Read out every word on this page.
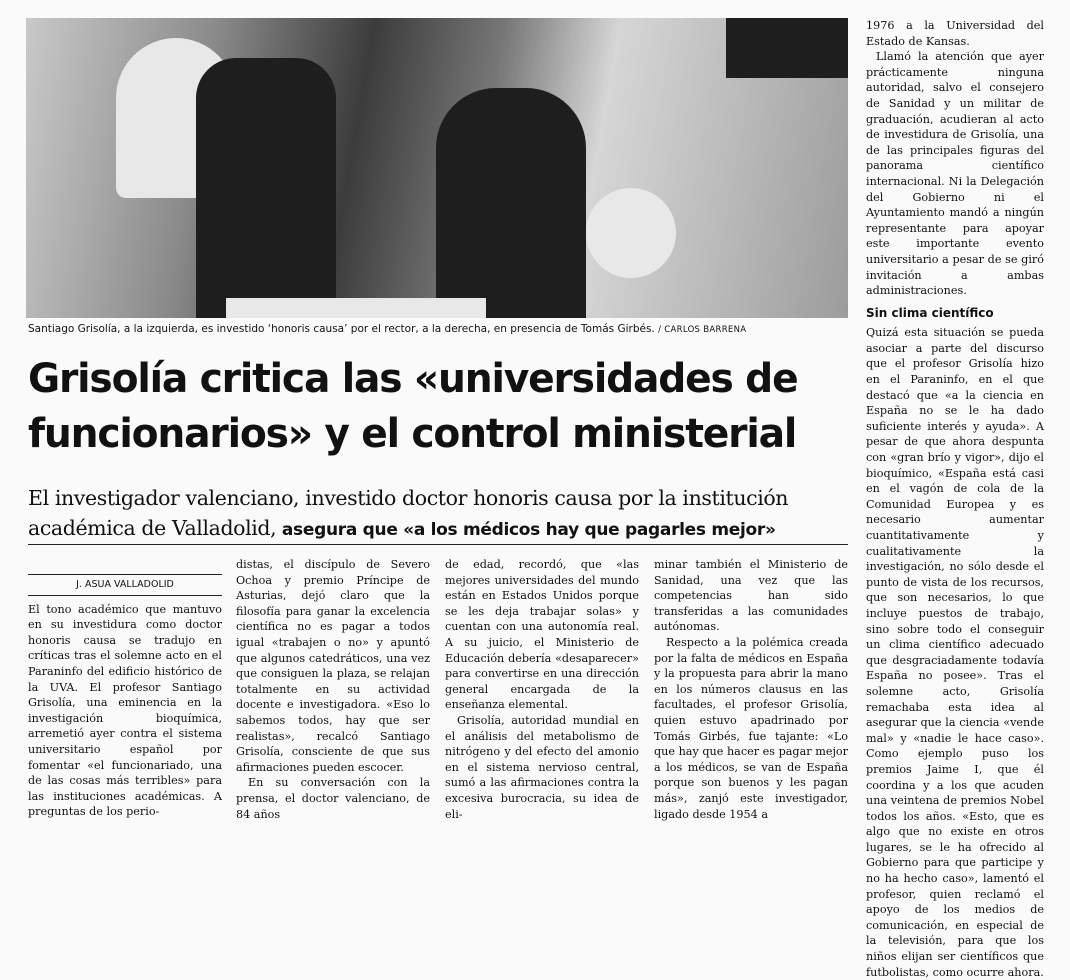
Santiago Grisolía, a la izquierda, es investido ‘honoris causa’ por el rector, a la derecha, en presencia de Tomás Girbés. / CARLOS BARRENA
Grisolía critica las «universidades de
funcionarios» y el control ministerial
El investigador valenciano, investido doctor honoris causa por la institución
académica de Valladolid, asegura que «a los médicos hay que pagarles mejor»
J. ASUA VALLADOLID

El tono académico que mantuvo en su investidura como doctor honoris causa se tradujo en críticas tras el solemne acto en el Paraninfo del edificio histórico de la UVA. El profesor Santiago Grisolía, una eminencia en la investigación bioquímica, arremetió ayer contra el sistema universitario español por fomentar «el funcionariado, una de las cosas más terribles» para las instituciones académicas. A preguntas de los perio-

distas, el discípulo de Severo Ochoa y premio Príncipe de Asturias, dejó claro que la filosofía para ganar la excelencia científica no es pagar a todos igual «trabajen o no» y apuntó que algunos catedráticos, una vez que consiguen la plaza, se relajan totalmente en su actividad docente e investigadora. «Eso lo sabemos todos, hay que ser realistas», recalcó Santiago Grisolía, consciente de que sus afirmaciones pueden escocer.

En su conversación con la prensa, el doctor valenciano, de 84 años

de edad, recordó, que «las mejores universidades del mundo están en Estados Unidos porque se les deja trabajar solas» y cuentan con una autonomía real. A su juicio, el Ministerio de Educación debería «desaparecer» para convertirse en una dirección general encargada de la enseñanza elemental.

Grisolía, autoridad mundial en el análisis del metabolismo de nitrógeno y del efecto del amonio en el sistema nervioso central, sumó a las afirmaciones contra la excesiva burocracia, su idea de eli-

minar también el Ministerio de Sanidad, una vez que las competencias han sido transferidas a las comunidades autónomas.

Respecto a la polémica creada por la falta de médicos en España y la propuesta para abrir la mano en los números clausus en las facultades, el profesor Grisolía, quien estuvo apadrinado por Tomás Girbés, fue tajante: «Lo que hay que hacer es pagar mejor a los médicos, se van de España porque son buenos y les pagan más», zanjó este investigador, ligado desde 1954 a

1976 a la Universidad del Estado de Kansas.

Llamó la atención que ayer prácticamente ninguna autoridad, salvo el consejero de Sanidad y un militar de graduación, acudieran al acto de investidura de Grisolía, una de las principales figuras del panorama científico internacional. Ni la Delegación del Gobierno ni el Ayuntamiento mandó a ningún representante para apoyar este importante evento universitario a pesar de se giró invitación a ambas administraciones.

Sin clima científico

Quizá esta situación se pueda asociar a parte del discurso que el profesor Grisolía hizo en el Paraninfo, en el que destacó que «a la ciencia en España no se le ha dado suficiente interés y ayuda». A pesar de que ahora despunta con «gran brío y vigor», dijo el bioquímico, «España está casi en el vagón de cola de la Comunidad Europea y es necesario aumentar cuantitativamente y cualitativamente la investigación, no sólo desde el punto de vista de los recursos, que son necesarios, lo que incluye puestos de trabajo, sino sobre todo el conseguir un clima científico adecuado que desgraciadamente todavía España no posee». Tras el solemne acto, Grisolía remachaba esta idea al asegurar que la ciencia «vende mal» y «nadie le hace caso». Como ejemplo puso los premios Jaime I, que él coordina y a los que acuden una veintena de premios Nobel todos los años. «Esto, que es algo que no existe en otros lugares, se le ha ofrecido al Gobierno para que participe y no ha hecho caso», lamentó el profesor, quien reclamó el apoyo de los medios de comunicación, en especial de la televisión, para que los niños elijan ser científicos que futbolistas, como ocurre ahora.
